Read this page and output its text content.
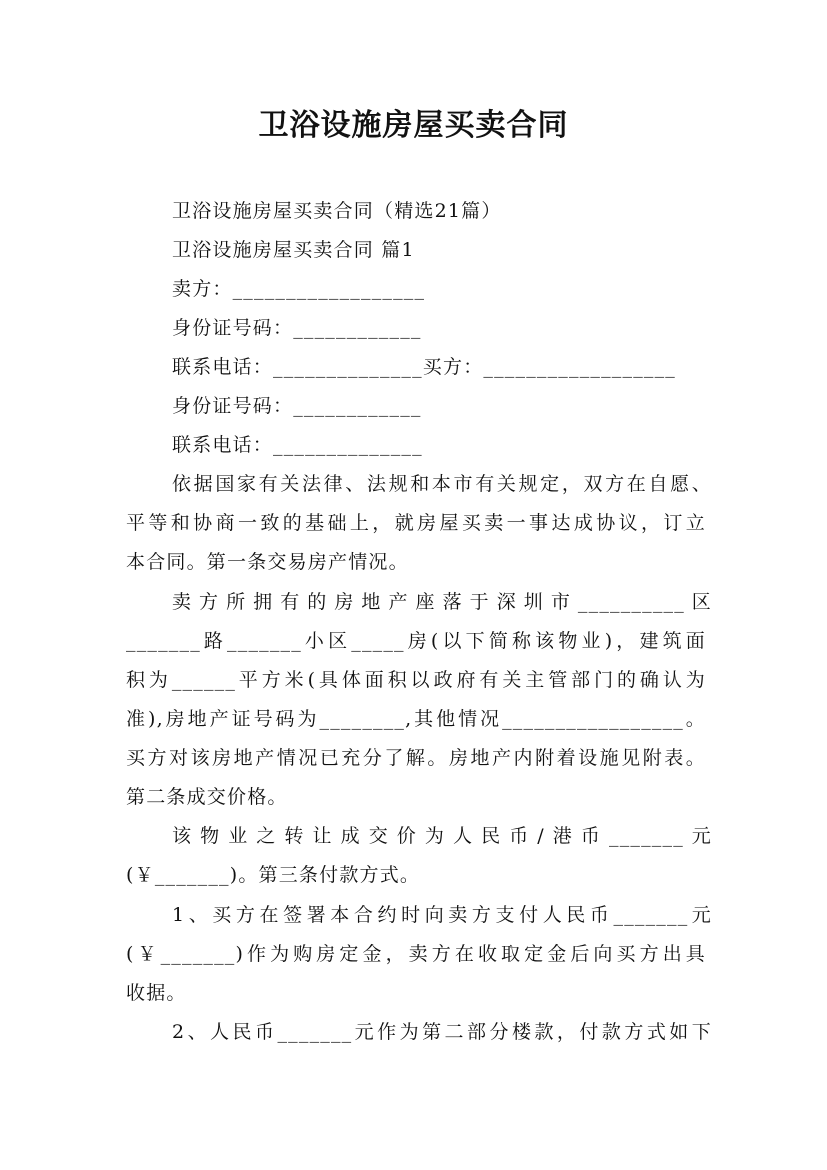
卫浴设施房屋买卖合同
卫浴设施房屋买卖合同（精选21篇）
卫浴设施房屋买卖合同 篇1
卖方：__________________
身份证号码：____________
联系电话：______________买方：__________________
身份证号码：____________
联系电话：______________
依据国家有关法律、法规和本市有关规定，双方在自愿、
平等和协商一致的基础上，就房屋买卖一事达成协议，订立
本合同。第一条交易房产情况。
卖方所拥有的房地产座落于深圳市__________区
_______路_______小区_____房(以下简称该物业)，建筑面
积为______平方米(具体面积以政府有关主管部门的确认为
准),房地产证号码为________,其他情况_________________。
买方对该房地产情况已充分了解。房地产内附着设施见附表。
第二条成交价格。
该物业之转让成交价为人民币/港币_______元
(￥_______)。第三条付款方式。
1、买方在签署本合约时向卖方支付人民币_______元
(￥_______)作为购房定金，卖方在收取定金后向买方出具
收据。
2、人民币_______元作为第二部分楼款，付款方式如下
